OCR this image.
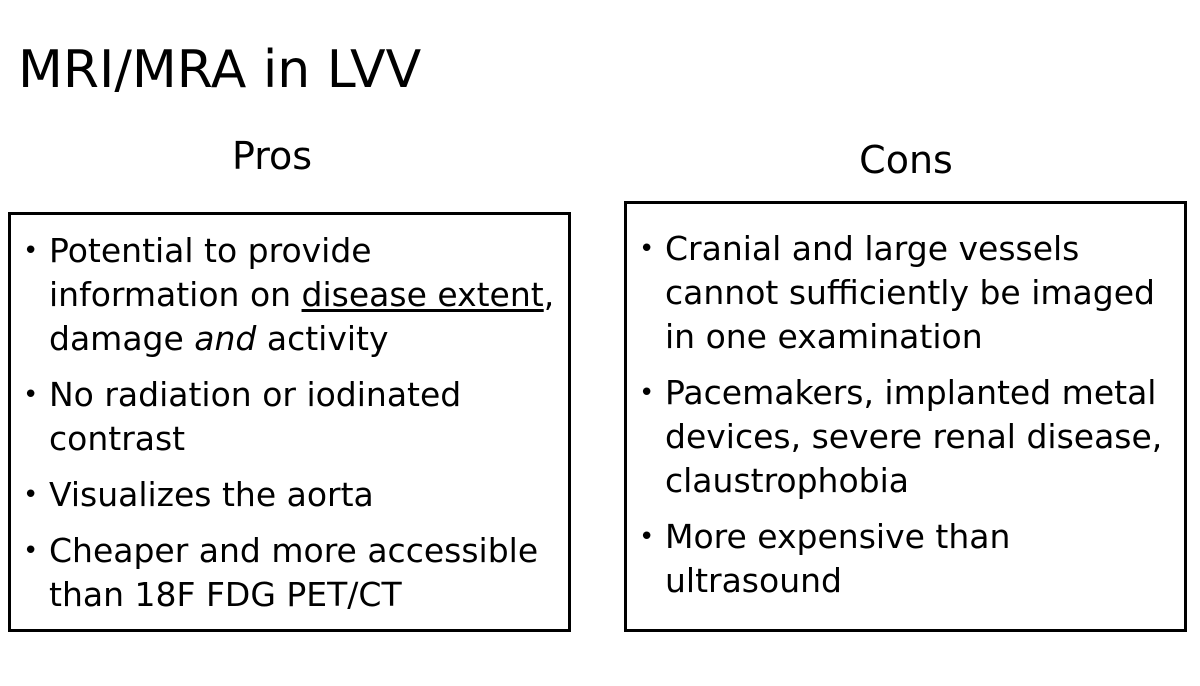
MRI/MRA in LVV
Pros	Cons
• Potential to provide information on disease extent, damage and activity
• No radiation or iodinated contrast
• Visualizes the aorta
• Cheaper and more accessible than 18F FDG PET/CT
• Cranial and large vessels cannot sufficiently be imaged in one examination
• Pacemakers, implanted metal devices, severe renal disease, claustrophobia
• More expensive than ultrasound
